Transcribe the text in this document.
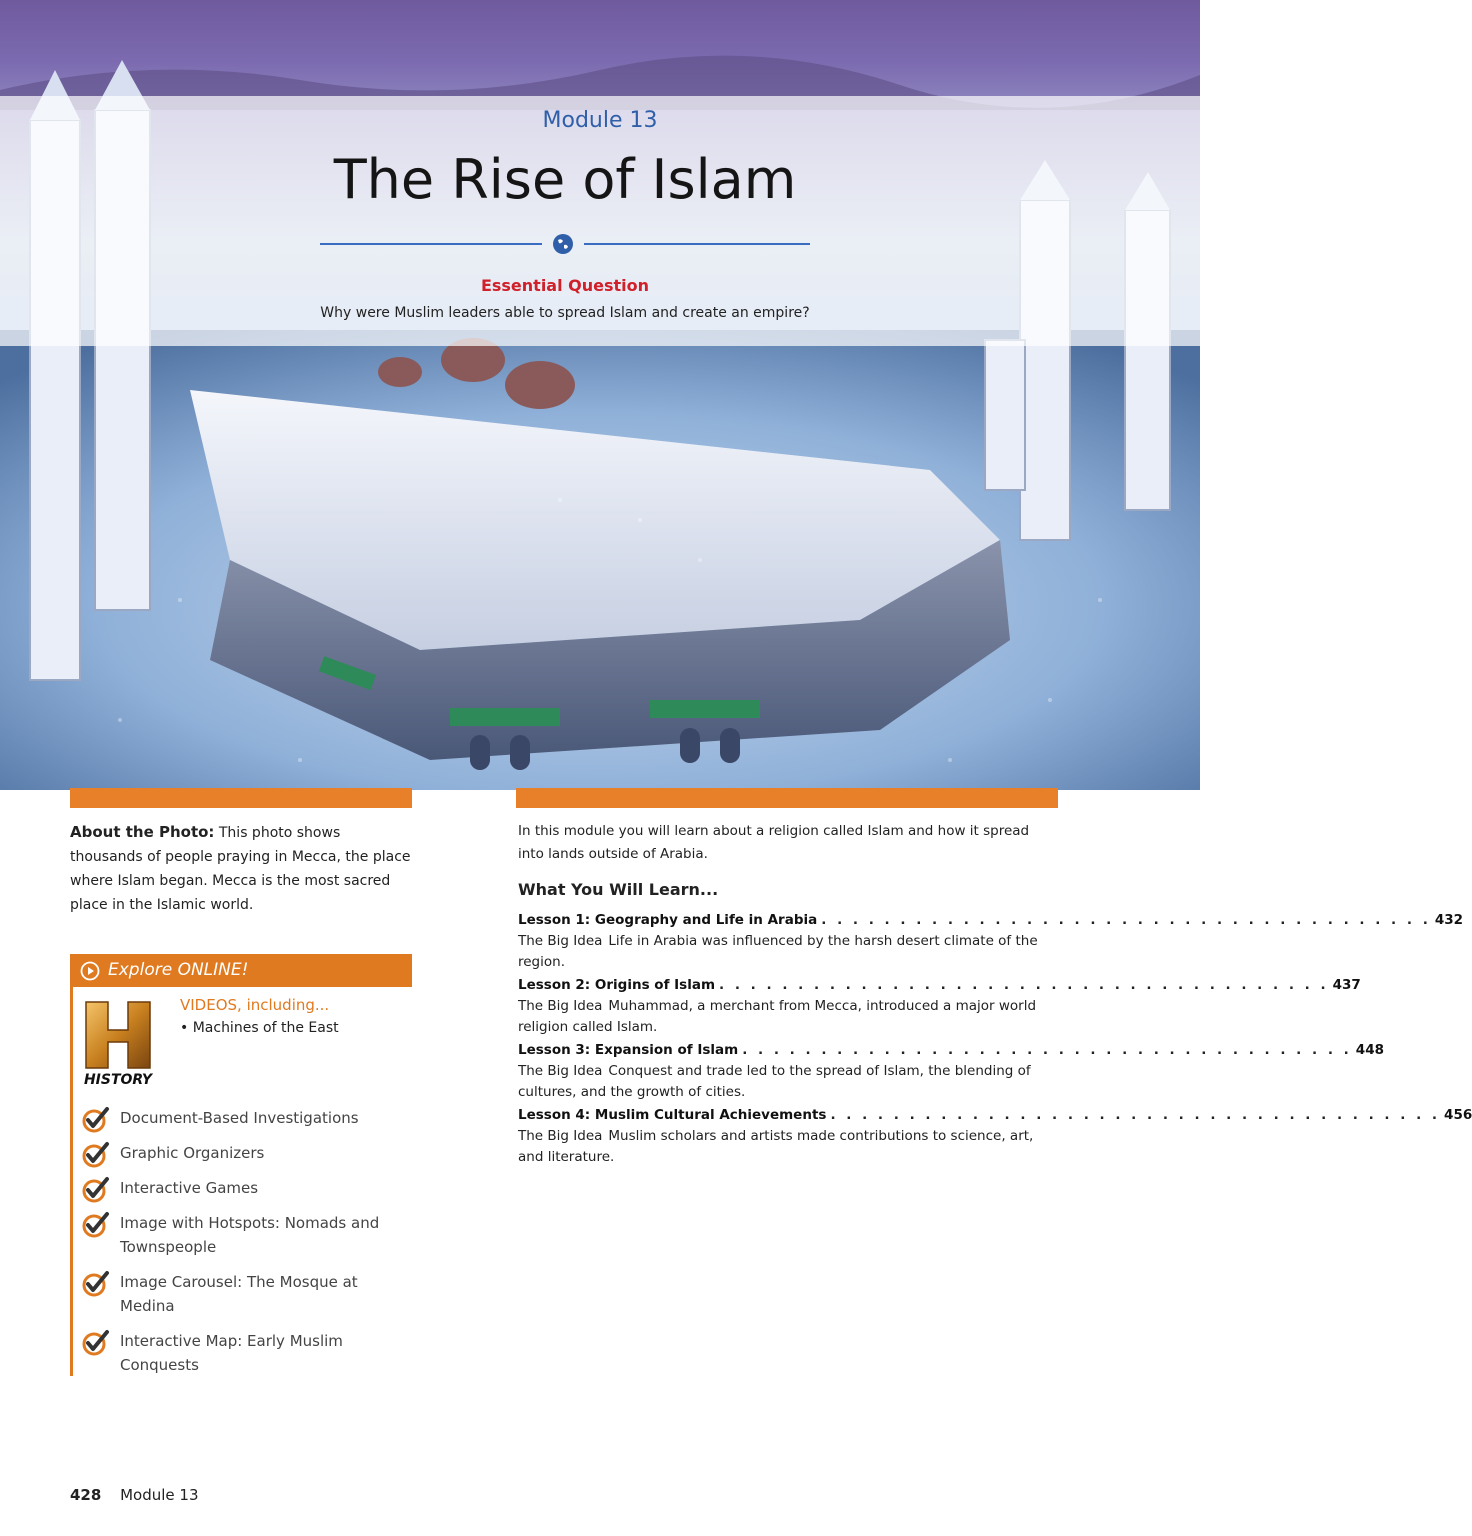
Module 13
The Rise of Islam
Essential Question
Why were Muslim leaders able to spread Islam and create an empire?
About the Photo: This photo shows thousands of people praying in Mecca, the place where Islam began. Mecca is the most sacred place in the Islamic world.
Explore ONLINE!
HISTORY
VIDEOS, including...
• Machines of the East
Document-Based Investigations
Graphic Organizers
Interactive Games
Image with Hotspots: Nomads and Townspeople
Image Carousel: The Mosque at Medina
Interactive Map: Early Muslim Conquests
In this module you will learn about a religion called Islam and how it spread into lands outside of Arabia.
What You Will Learn...
Lesson 1: Geography and Life in Arabia . . . . . . . . . . . . . . . . . . . . . . . . . . . . . . . . . . . . . . . 432
The Big Idea Life in Arabia was influenced by the harsh desert climate of the region.
Lesson 2: Origins of Islam . . . . . . . . . . . . . . . . . . . . . . . . . . . . . . . . . . . . . . . 437
The Big Idea Muhammad, a merchant from Mecca, introduced a major world religion called Islam.
Lesson 3: Expansion of Islam . . . . . . . . . . . . . . . . . . . . . . . . . . . . . . . . . . . . . . . 448
The Big Idea Conquest and trade led to the spread of Islam, the blending of cultures, and the growth of cities.
Lesson 4: Muslim Cultural Achievements . . . . . . . . . . . . . . . . . . . . . . . . . . . . . . . . . . . . . . . 456
The Big Idea Muslim scholars and artists made contributions to science, art, and literature.
428 Module 13
